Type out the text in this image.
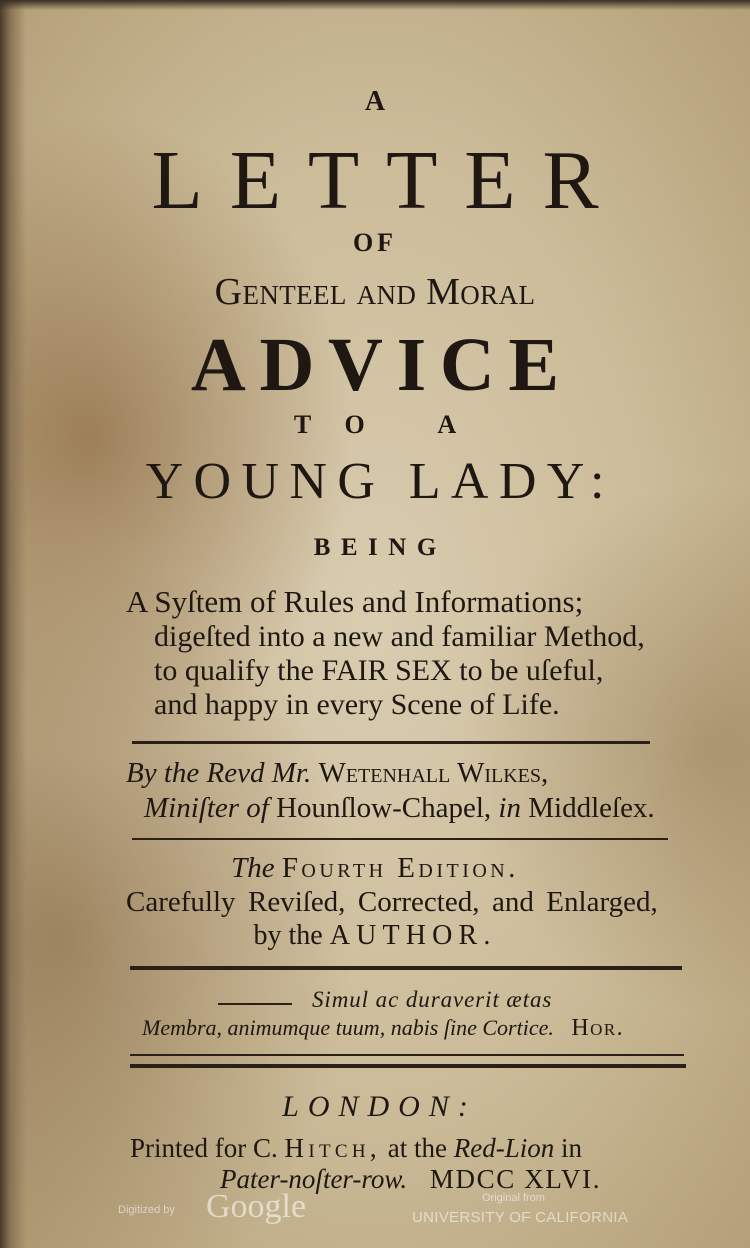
A
LETTER
OF
Genteel and Moral
ADVICE
TO A
YOUNG LADY:
BEING
A Syſtem of Rules and Informations;
digeſted into a new and familiar Method,
to qualify the FAIR SEX to be uſeful,
and happy in every Scene of Life.
By the Revd Mr. Wetenhall Wilkes,
Miniſter of Hounſlow-Chapel, in Middleſex.
The Fourth Edition.
Carefully Reviſed, Corrected, and Enlarged,
by the AUTHOR.
Simul ac duraverit ætas
Membra, animumque tuum, nabis ſine Cortice. Hor.
LONDON:
Printed for C. Hitch, at the Red-Lion in
Pater-noſter-row. MDCC XLVI.
Digitized by Google	Original from
UNIVERSITY OF CALIFORNIA
